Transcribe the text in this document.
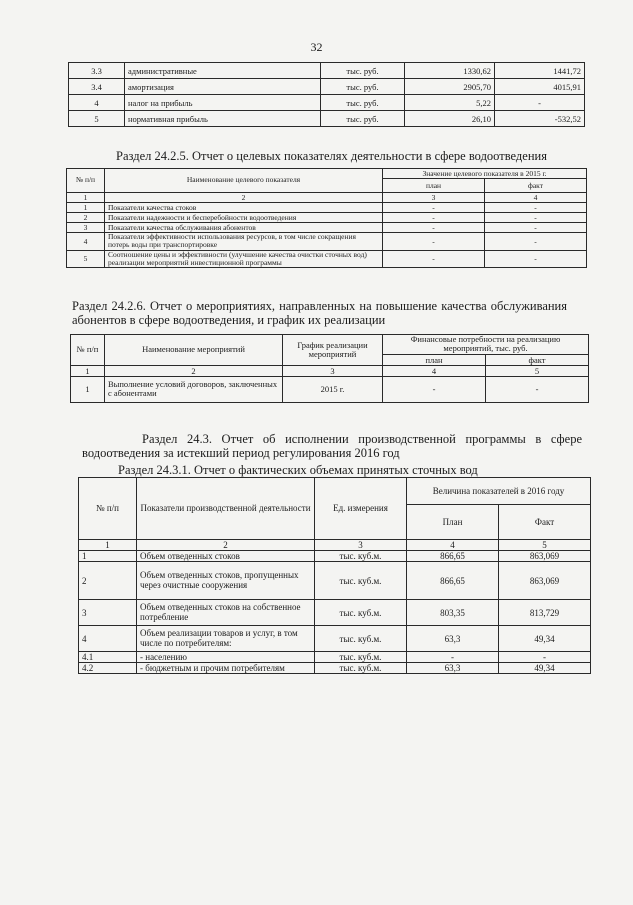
32
3.3	административные	тыс. руб.	1330,62	1441,72
3.4	амортизация	тыс. руб.	2905,70	4015,91
4	налог на прибыль	тыс. руб.	5,22	-
5	нормативная прибыль	тыс. руб.	26,10	-532,52
Раздел 24.2.5. Отчет о целевых показателях деятельности в сфере водоотведения
№ п/п	Наименование целевого показателя	Значение целевого показателя в 2015 г.	
		план	факт
1	2	3	4
1	Показатели качества стоков	-	-
2	Показатели надежности и бесперебойности водоотведения	-	-
3	Показатели качества обслуживания абонентов	-	-
4	Показатели эффективности использования ресурсов, в том числе сокращения потерь воды при транспортировке	-	-
5	Соотношение цены и эффективности (улучшение качества очистки сточных вод) реализации мероприятий инвестиционной программы	-	-
Раздел 24.2.6. Отчет о мероприятиях, направленных на повышение качества обслуживания абонентов в сфере водоотведения, и график их реализации
№ п/п	Наименование мероприятий	График реализации мероприятий	Финансовые потребности на реализацию мероприятий, тыс. руб.	
			план	факт
1	2	3	4	5
1	Выполнение условий договоров, заключенных с абонентами	2015 г.	-	-
Раздел 24.3. Отчет об исполнении производственной программы в сфере водоотведения за истекший период регулирования 2016 год
Раздел 24.3.1. Отчет о фактических объемах принятых сточных вод
№ п/п	Показатели производственной деятельности	Ед. измерения	Величина показателей в 2016 году	
			План	Факт
1	2	3	4	5
1	Объем отведенных стоков	тыс. куб.м.	866,65	863,069
2	Объем отведенных стоков, пропущенных через очистные сооружения	тыс. куб.м.	866,65	863,069
3	Объем отведенных стоков на собственное потребление	тыс. куб.м.	803,35	813,729
4	Объем реализации товаров и услуг, в том числе по потребителям:	тыс. куб.м.	63,3	49,34
4.1	- населению	тыс. куб.м.	-	-
4.2	- бюджетным и прочим потребителям	тыс. куб.м.	63,3	49,34
